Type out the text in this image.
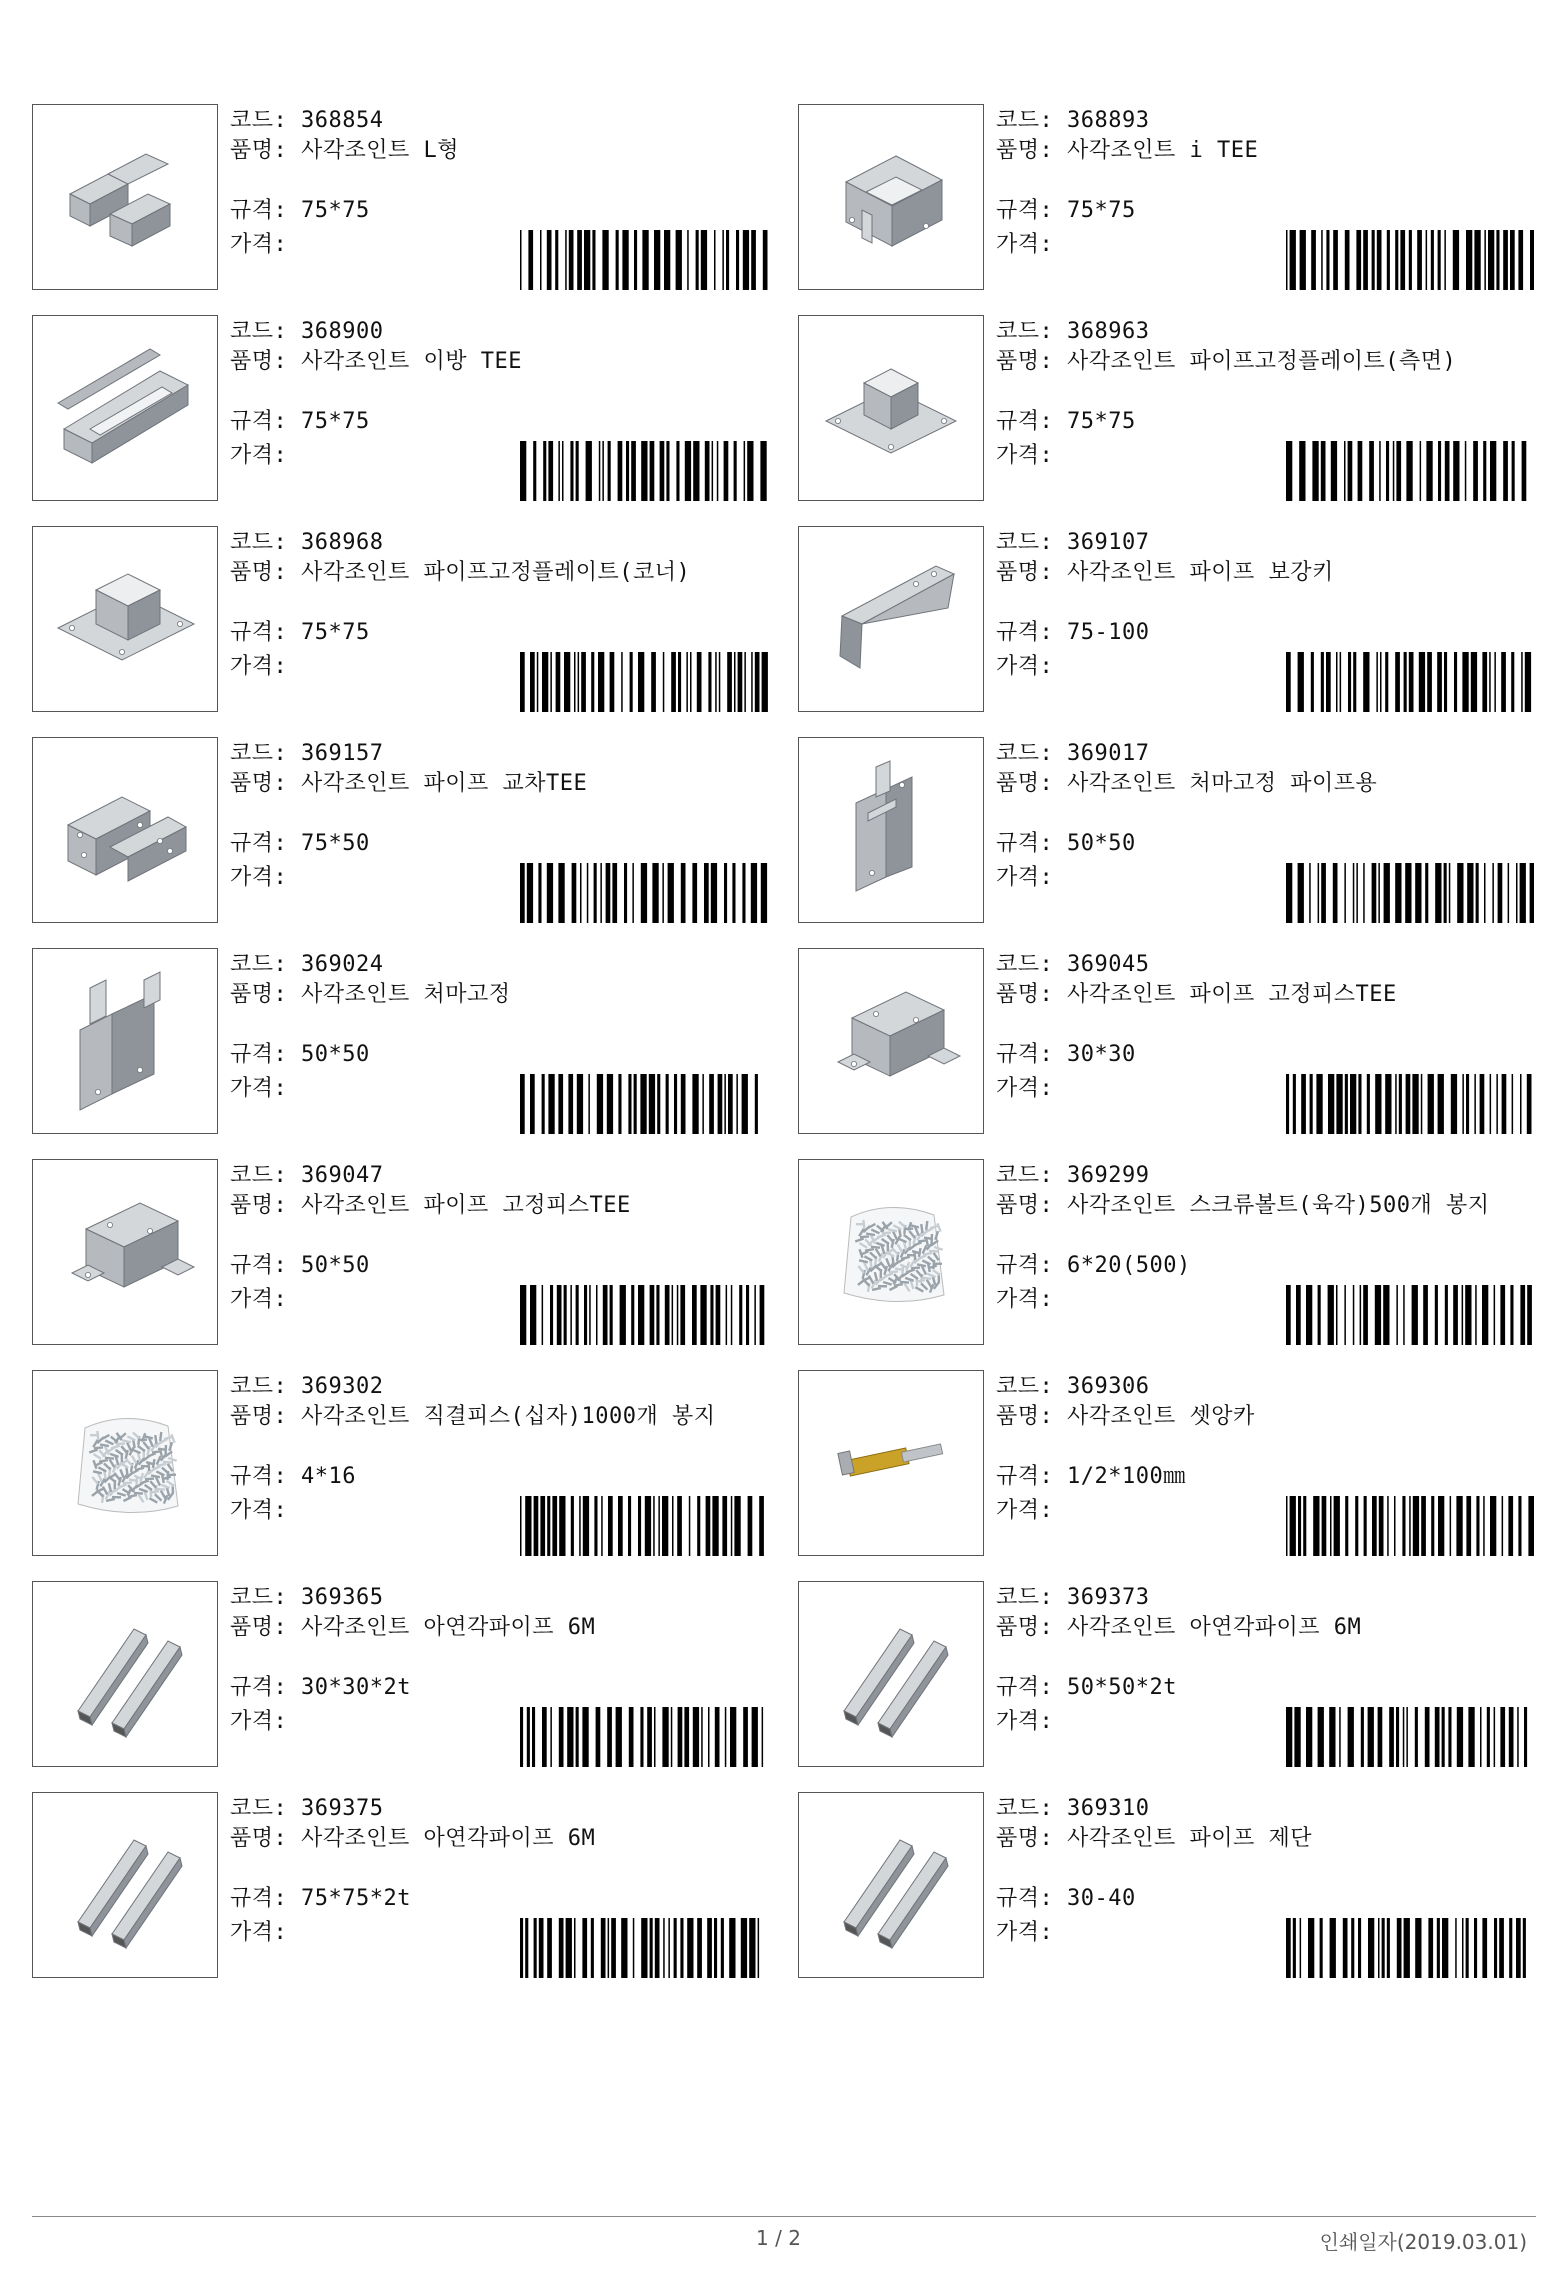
코드: 368854
품명: 사각조인트 L형
규격: 75*75
가격:
코드: 368893
품명: 사각조인트 i TEE
규격: 75*75
가격:
코드: 368900
품명: 사각조인트 이방 TEE
규격: 75*75
가격:
코드: 368963
품명: 사각조인트 파이프고정플레이트(측면)
규격: 75*75
가격:
코드: 368968
품명: 사각조인트 파이프고정플레이트(코너)
규격: 75*75
가격:
코드: 369107
품명: 사각조인트 파이프 보강키
규격: 75-100
가격:
코드: 369157
품명: 사각조인트 파이프 교차TEE
규격: 75*50
가격:
코드: 369017
품명: 사각조인트 처마고정 파이프용
규격: 50*50
가격:
코드: 369024
품명: 사각조인트 처마고정
규격: 50*50
가격:
코드: 369045
품명: 사각조인트 파이프 고정피스TEE
규격: 30*30
가격:
코드: 369047
품명: 사각조인트 파이프 고정피스TEE
규격: 50*50
가격:
코드: 369299
품명: 사각조인트 스크류볼트(육각)500개 봉지
규격: 6*20(500)
가격:
코드: 369302
품명: 사각조인트 직결피스(십자)1000개 봉지
규격: 4*16
가격:
코드: 369306
품명: 사각조인트 셋앙카
규격: 1/2*100㎜
가격:
코드: 369365
품명: 사각조인트 아연각파이프 6M
규격: 30*30*2t
가격:
코드: 369373
품명: 사각조인트 아연각파이프 6M
규격: 50*50*2t
가격:
코드: 369375
품명: 사각조인트 아연각파이프 6M
규격: 75*75*2t
가격:
코드: 369310
품명: 사각조인트 파이프 제단
규격: 30-40
가격:
1 / 2	인쇄일자(2019.03.01)
